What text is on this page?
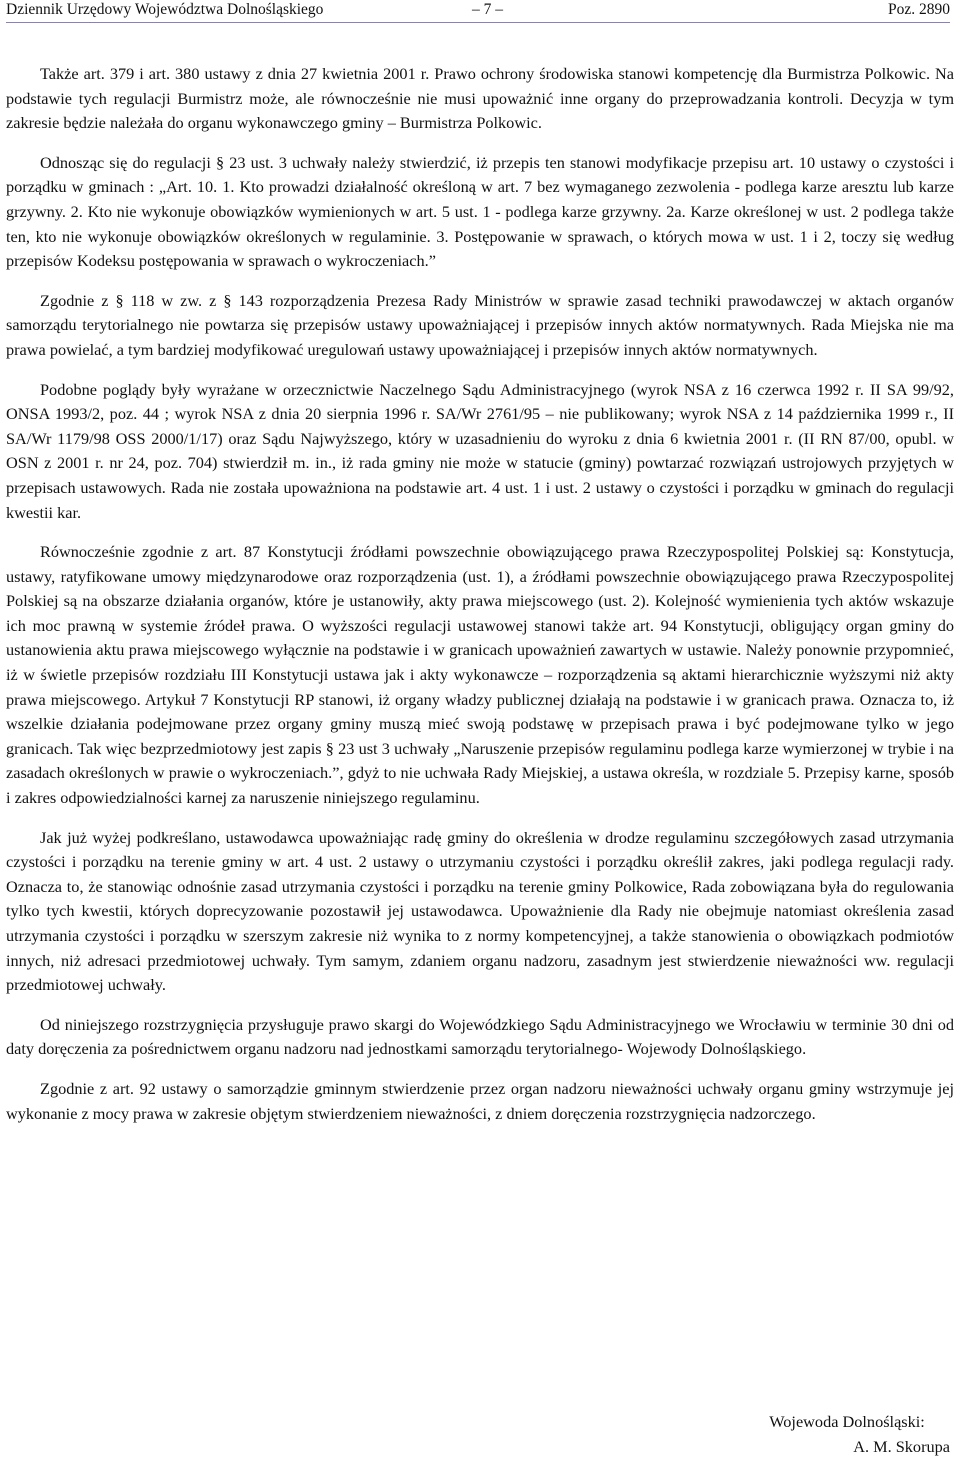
Dziennik Urzędowy Województwa Dolnośląskiego	– 7 –	Poz. 2890

Także art. 379 i art. 380 ustawy z dnia 27 kwietnia 2001 r. Prawo ochrony środowiska stanowi kompetencję dla Burmistrza Polkowic. Na podstawie tych regulacji Burmistrz może, ale równocześnie nie musi upoważnić inne organy do przeprowadzania kontroli. Decyzja w tym zakresie będzie należała do organu wykonawczego gminy – Burmistrza Polkowic.

Odnosząc się do regulacji § 23 ust. 3 uchwały należy stwierdzić, iż przepis ten stanowi modyfikacje przepisu art. 10 ustawy o czystości i porządku w gminach : „Art. 10. 1. Kto prowadzi działalność określoną w art. 7 bez wymaganego zezwolenia - podlega karze aresztu lub karze grzywny. 2. Kto nie wykonuje obowiązków wymienionych w art. 5 ust. 1 - podlega karze grzywny. 2a. Karze określonej w ust. 2 podlega także ten, kto nie wykonuje obowiązków określonych w regulaminie. 3. Postępowanie w sprawach, o których mowa w ust. 1 i 2, toczy się według przepisów Kodeksu postępowania w sprawach o wykroczeniach.”

Zgodnie z § 118 w zw. z § 143 rozporządzenia Prezesa Rady Ministrów w sprawie zasad techniki prawodawczej w aktach organów samorządu terytorialnego nie powtarza się przepisów ustawy upoważniającej i przepisów innych aktów normatywnych. Rada Miejska nie ma prawa powielać, a tym bardziej modyfikować uregulowań ustawy upoważniającej i przepisów innych aktów normatywnych.

Podobne poglądy były wyrażane w orzecznictwie Naczelnego Sądu Administracyjnego (wyrok NSA z 16 czerwca 1992 r. II SA 99/92, ONSA 1993/2, poz. 44 ; wyrok NSA z dnia 20 sierpnia 1996 r. SA/Wr 2761/95 – nie publikowany; wyrok NSA z 14 października 1999 r., II SA/Wr 1179/98 OSS 2000/1/17) oraz Sądu Najwyższego, który w uzasadnieniu do wyroku z dnia 6 kwietnia 2001 r. (II RN 87/00, opubl. w OSN z 2001 r. nr 24, poz. 704) stwierdził m. in., iż rada gminy nie może w statucie (gminy) powtarzać rozwiązań ustrojowych przyjętych w przepisach ustawowych. Rada nie została upoważniona na podstawie art. 4 ust. 1 i ust. 2 ustawy o czystości i porządku w gminach do regulacji kwestii kar.

Równocześnie zgodnie z art. 87 Konstytucji źródłami powszechnie obowiązującego prawa Rzeczypospolitej Polskiej są: Konstytucja, ustawy, ratyfikowane umowy międzynarodowe oraz rozporządzenia (ust. 1), a źródłami powszechnie obowiązującego prawa Rzeczypospolitej Polskiej są na obszarze działania organów, które je ustanowiły, akty prawa miejscowego (ust. 2). Kolejność wymienienia tych aktów wskazuje ich moc prawną w systemie źródeł prawa. O wyższości regulacji ustawowej stanowi także art. 94 Konstytucji, obligujący organ gminy do ustanowienia aktu prawa miejscowego wyłącznie na podstawie i w granicach upoważnień zawartych w ustawie. Należy ponownie przypomnieć, iż w świetle przepisów rozdziału III Konstytucji ustawa jak i akty wykonawcze – rozporządzenia są aktami hierarchicznie wyższymi niż akty prawa miejscowego. Artykuł 7 Konstytucji RP stanowi, iż organy władzy publicznej działają na podstawie i w granicach prawa. Oznacza to, iż wszelkie działania podejmowane przez organy gminy muszą mieć swoją podstawę w przepisach prawa i być podejmowane tylko w jego granicach. Tak więc bezprzedmiotowy jest zapis § 23 ust 3 uchwały „Naruszenie przepisów regulaminu podlega karze wymierzonej w trybie i na zasadach określonych w prawie o wykroczeniach.”, gdyż to nie uchwała Rady Miejskiej, a ustawa określa, w rozdziale 5. Przepisy karne, sposób i zakres odpowiedzialności karnej za naruszenie niniejszego regulaminu.

Jak już wyżej podkreślano, ustawodawca upoważniając radę gminy do określenia w drodze regulaminu szczegółowych zasad utrzymania czystości i porządku na terenie gminy w art. 4 ust. 2 ustawy o utrzymaniu czystości i porządku określił zakres, jaki podlega regulacji rady. Oznacza to, że stanowiąc odnośnie zasad utrzymania czystości i porządku na terenie gminy Polkowice, Rada zobowiązana była do regulowania tylko tych kwestii, których doprecyzowanie pozostawił jej ustawodawca. Upoważnienie dla Rady nie obejmuje natomiast określenia zasad utrzymania czystości i porządku w szerszym zakresie niż wynika to z normy kompetencyjnej, a także stanowienia o obowiązkach podmiotów innych, niż adresaci przedmiotowej uchwały. Tym samym, zdaniem organu nadzoru, zasadnym jest stwierdzenie nieważności ww. regulacji przedmiotowej uchwały.

Od niniejszego rozstrzygnięcia przysługuje prawo skargi do Wojewódzkiego Sądu Administracyjnego we Wrocławiu w terminie 30 dni od daty doręczenia za pośrednictwem organu nadzoru nad jednostkami samorządu terytorialnego- Wojewody Dolnośląskiego.

Zgodnie z art. 92 ustawy o samorządzie gminnym stwierdzenie przez organ nadzoru nieważności uchwały organu gminy wstrzymuje jej wykonanie z mocy prawa w zakresie objętym stwierdzeniem nieważności, z dniem doręczenia rozstrzygnięcia nadzorczego.

Wojewoda Dolnośląski:
A. M. Skorupa
